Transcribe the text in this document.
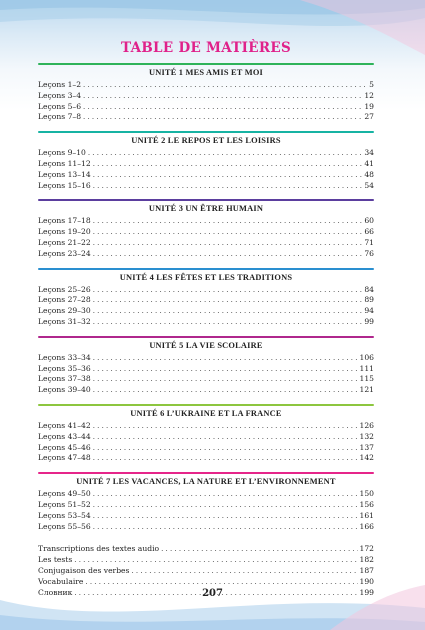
TABLE DE MATIÈRES
UNITÉ 1 MES AMIS ET MOI
Leçons 1–2 . . .	5
Leçons 3–4 . . .	12
Leçons 5–6 . . .	19
Leçons 7–8 . . .	27
UNITÉ 2 LE REPOS ET LES LOISIRS
Leçons 9–10 . . .	34
Leçons 11–12 . . .	41
Leçons 13–14 . . .	48
Leçons 15–16 . . .	54
UNITÉ 3 UN ÊTRE HUMAIN
Leçons 17–18 . . .	60
Leçons 19–20 . . .	66
Leçons 21–22 . . .	71
Leçons 23–24 . . .	76
UNITÉ 4 LES FÊTES ET LES TRADITIONS
Leçons 25–26 . . .	84
Leçons 27–28 . . .	89
Leçons 29–30 . . .	94
Leçons 31–32 . . .	99
UNITÉ 5 LA VIE SCOLAIRE
Leçons 33–34 . . .	106
Leçons 35–36 . . .	111
Leçons 37–38 . . .	115
Leçons 39–40 . . .	121
UNITÉ 6 L’UKRAINE ET LA FRANCE
Leçons 41–42 . . .	126
Leçons 43–44 . . .	132
Leçons 45–46 . . .	137
Leçons 47–48 . . .	142
UNITÉ 7 LES VACANCES, LA NATURE ET L’ENVIRONNEMENT
Leçons 49–50 . . .	150
Leçons 51–52 . . .	156
Leçons 53–54 . . .	161
Leçons 55–56 . . .	166
Transcriptions des textes audio . . .	172
Les tests . . .	182
Conjugaison des verbes . . .	187
Vocabulaire . . .	190
Словник . . .	199
207
